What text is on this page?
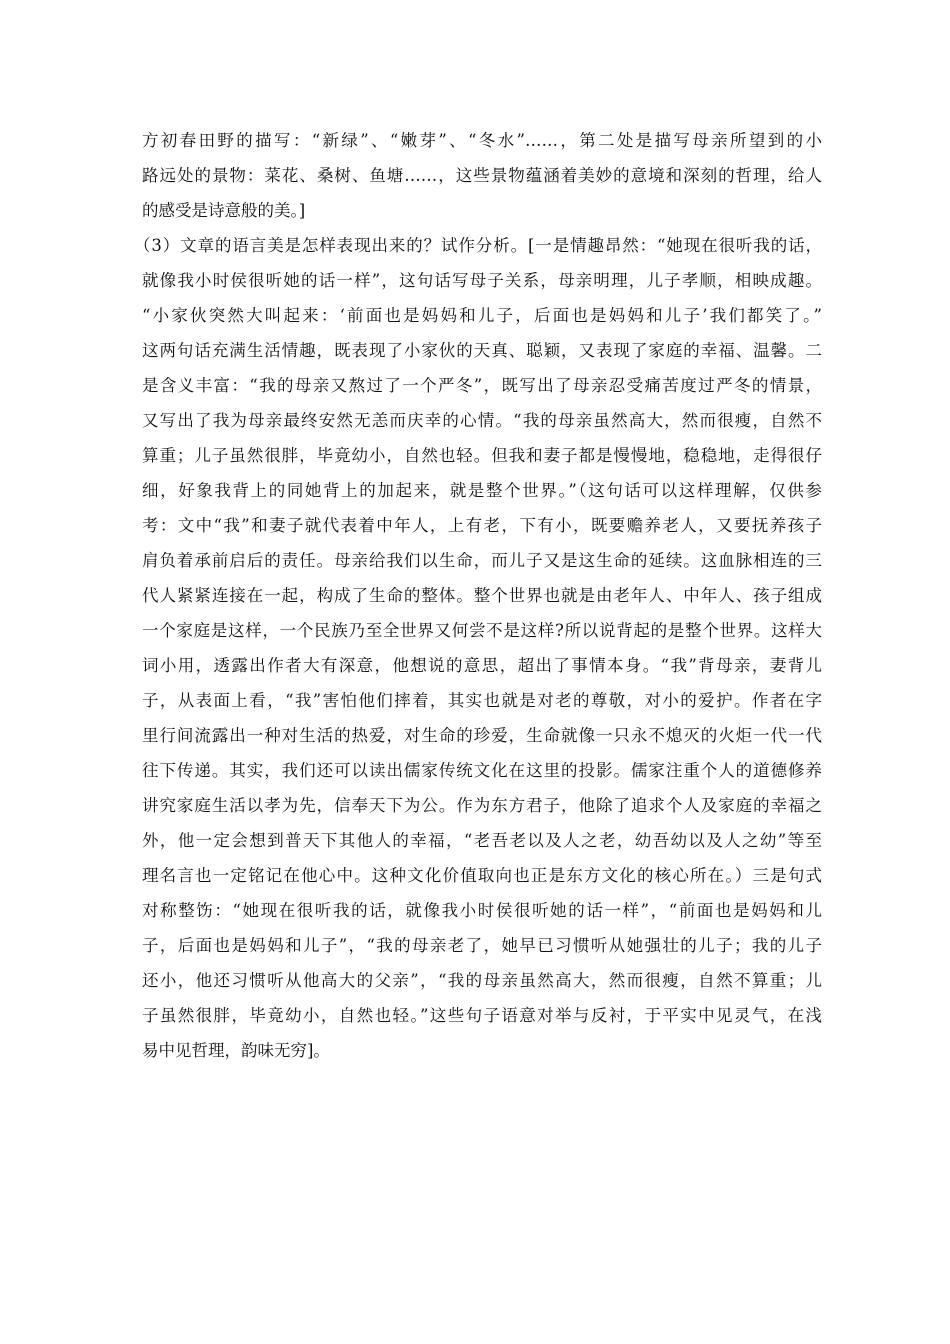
方初春田野的描写：“新绿”、“嫩芽”、“冬水”……，第二处是描写母亲所望到的小
路远处的景物：菜花、桑树、鱼塘……，这些景物蕴涵着美妙的意境和深刻的哲理，给人
的感受是诗意般的美。]
（3）文章的语言美是怎样表现出来的？试作分析。[一是情趣昂然：“她现在很听我的话，
就像我小时侯很听她的话一样”，这句话写母子关系，母亲明理，儿子孝顺，相映成趣。
“小家伙突然大叫起来：‘前面也是妈妈和儿子，后面也是妈妈和儿子’我们都笑了。”
这两句话充满生活情趣，既表现了小家伙的天真、聪颖，又表现了家庭的幸福、温馨。二
是含义丰富：“我的母亲又熬过了一个严冬”，既写出了母亲忍受痛苦度过严冬的情景，
又写出了我为母亲最终安然无恙而庆幸的心情。“我的母亲虽然高大，然而很瘦，自然不
算重；儿子虽然很胖，毕竟幼小，自然也轻。但我和妻子都是慢慢地，稳稳地，走得很仔
细，好象我背上的同她背上的加起来，就是整个世界。”（这句话可以这样理解，仅供参
考：文中“我”和妻子就代表着中年人，上有老，下有小，既要赡养老人，又要抚养孩子
肩负着承前启后的责任。母亲给我们以生命，而儿子又是这生命的延续。这血脉相连的三
代人紧紧连接在一起，构成了生命的整体。整个世界也就是由老年人、中年人、孩子组成
一个家庭是这样，一个民族乃至全世界又何尝不是这样?所以说背起的是整个世界。这样大
词小用，透露出作者大有深意，他想说的意思，超出了事情本身。“我”背母亲，妻背儿
子，从表面上看，“我”害怕他们摔着，其实也就是对老的尊敬，对小的爱护。作者在字
里行间流露出一种对生活的热爱，对生命的珍爱，生命就像一只永不熄灭的火炬一代一代
往下传递。其实，我们还可以读出儒家传统文化在这里的投影。儒家注重个人的道德修养
讲究家庭生活以孝为先，信奉天下为公。作为东方君子，他除了追求个人及家庭的幸福之
外，他一定会想到普天下其他人的幸福，“老吾老以及人之老，幼吾幼以及人之幼”等至
理名言也一定铭记在他心中。这种文化价值取向也正是东方文化的核心所在。）三是句式
对称整饬：“她现在很听我的话，就像我小时侯很听她的话一样”，“前面也是妈妈和儿
子，后面也是妈妈和儿子”，“我的母亲老了，她早已习惯听从她强壮的儿子；我的儿子
还小，他还习惯听从他高大的父亲”，“我的母亲虽然高大，然而很瘦，自然不算重；儿
子虽然很胖，毕竟幼小，自然也轻。”这些句子语意对举与反衬，于平实中见灵气，在浅
易中见哲理，韵味无穷]。
